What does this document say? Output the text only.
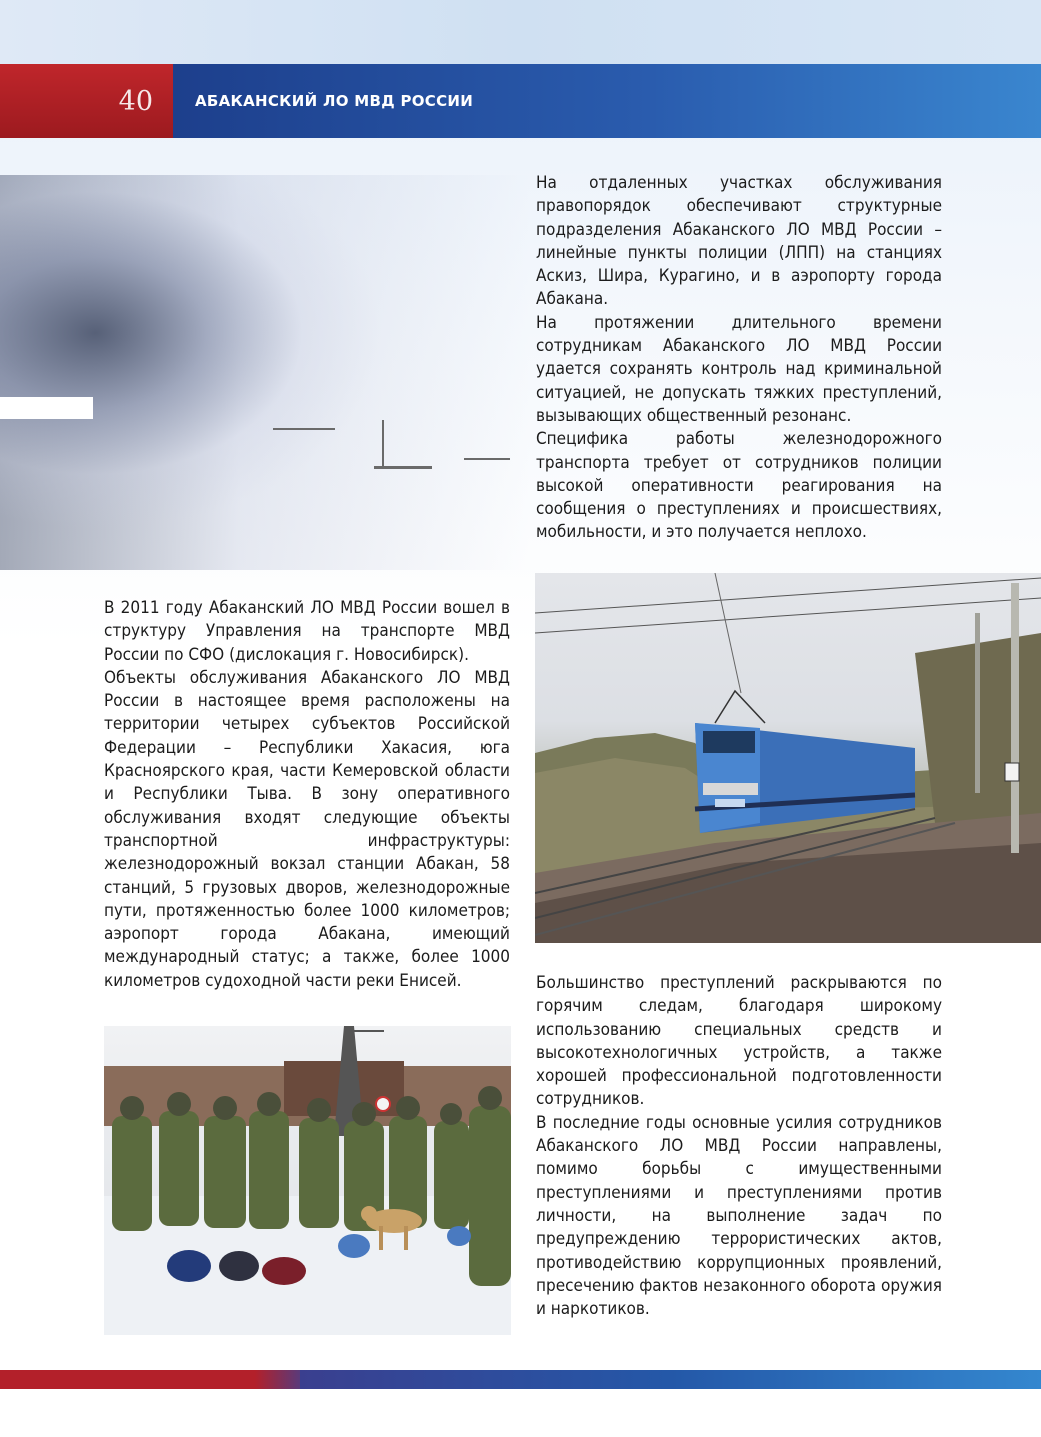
40	АБАКАНСКИЙ ЛО МВД РОССИИ

На отдаленных участках обслуживания правопорядок обеспечивают структурные подразделения Абаканского ЛО МВД России – линейные пункты полиции (ЛПП) на станциях Аскиз, Шира, Курагино, и в аэропорту города Абакана.

На протяжении длительного времени сотрудникам Абаканского ЛО МВД России удается сохранять контроль над криминальной ситуацией, не допускать тяжких преступлений, вызывающих общественный резонанс.

Специфика работы железнодорожного транспорта требует от сотрудников полиции высокой оперативности реагирования на сообщения о преступлениях и происшествиях, мобильности, и это получается неплохо.

В 2011 году Абаканский ЛО МВД России вошел в структуру Управления на транспорте МВД России по СФО (дислокация г. Новосибирск).

Объекты обслуживания Абаканского ЛО МВД России в настоящее время расположены на территории четырех субъектов Российской Федерации – Республики Хакасия, юга Красноярского края, части Кемеровской области и Республики Тыва. В зону оперативного обслуживания входят следующие объекты транспортной инфраструктуры: железнодорожный вокзал станции Абакан, 58 станций, 5 грузовых дворов, железнодорожные пути, протяженностью более 1000 километров; аэропорт города Абакана, имеющий международный статус; а также, более 1000 километров судоходной части реки Енисей.	Большинство преступлений раскрываются по горячим следам, благодаря широкому использованию специальных средств и высокотехнологичных устройств, а также хорошей профессиональной подготовленности сотрудников.

В последние годы основные усилия сотрудников Абаканского ЛО МВД России направлены, помимо борьбы с имущественными преступлениями и преступлениями против личности, на выполнение задач по предупреждению террористических актов, противодействию коррупционных проявлений, пресечению фактов незаконного оборота оружия и наркотиков.
